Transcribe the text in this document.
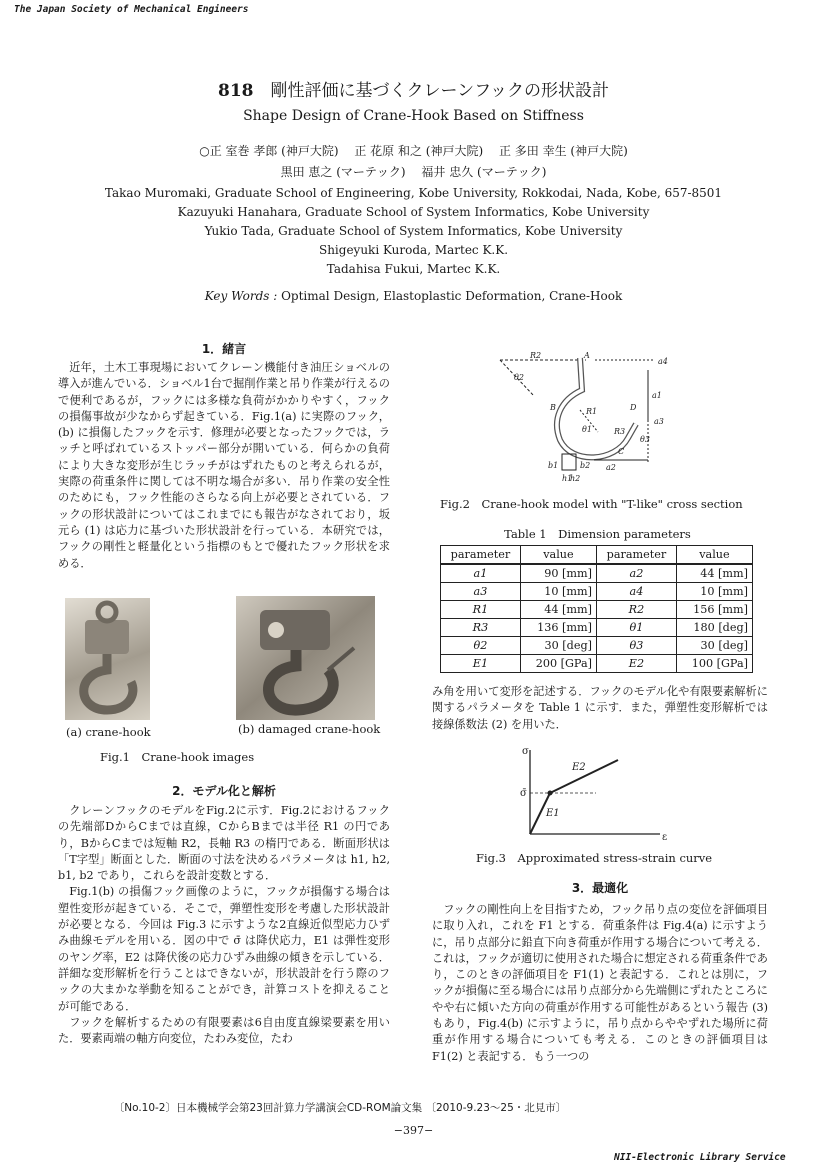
The Japan Society of Mechanical Engineers
818　 剛性評価に基づくクレーンフックの形状設計
Shape Design of Crane-Hook Based on Stiffness
○正 室巻 孝郎 (神戸大院)　 正 花原 和之 (神戸大院)　 正 多田 幸生 (神戸大院)
黒田 恵之 (マーテック)　 福井 忠久 (マーテック)
Takao Muromaki, Graduate School of Engineering, Kobe University, Rokkodai, Nada, Kobe, 657-8501
Kazuyuki Hanahara, Graduate School of System Informatics, Kobe University
Yukio Tada, Graduate School of System Informatics, Kobe University
Shigeyuki Kuroda, Martec K.K.
Tadahisa Fukui, Martec K.K.
Key Words : Optimal Design, Elastoplastic Deformation, Crane-Hook
1．緒言

近年，土木工事現場においてクレーン機能付き油圧ショベルの導入が進んでいる．ショベル1台で掘削作業と吊り作業が行えるので便利であるが，フックには多様な負荷がかかりやすく，フックの損傷事故が少なからず起きている．Fig.1(a) に実際のフック，(b) に損傷したフックを示す．修理が必要となったフックでは，ラッチと呼ばれているストッパー部分が開いている．何らかの負荷により大きな変形が生じラッチがはずれたものと考えられるが，実際の荷重条件に関しては不明な場合が多い．吊り作業の安全性のためにも，フック性能のさらなる向上が必要とされている．フックの形状設計についてはこれまでにも報告がなされており，坂元ら (1) は応力に基づいた形状設計を行っている．本研究では，フックの剛性と軽量化という指標のもとで優れたフック形状を求める．

(a) crane-hook	(b) damaged crane-hook
Fig.1　Crane-hook images
2．モデル化と解析

クレーンフックのモデルをFig.2に示す．Fig.2におけるフックの先端部DからCまでは直線，CからBまでは半径 R1 の円であり，BからCまでは短軸 R2，長軸 R3 の楕円である．断面形状は「T字型」断面とした．断面の寸法を決めるパラメータは h1, h2, b1, b2 であり，これらを設計変数とする．

Fig.1(b) の損傷フック画像のように，フックが損傷する場合は塑性変形が起きている．そこで，弾塑性変形を考慮した形状設計が必要となる．今回は Fig.3 に示すような2直線近似型応力ひずみ曲線モデルを用いる．図の中で σ̄ は降伏応力，E1 は弾性変形のヤング率，E2 は降伏後の応力ひずみ曲線の傾きを示している．詳細な変形解析を行うことはできないが，形状設計を行う際のフックの大まかな挙動を知ることができ，計算コストを抑えることが可能である．

フックを解析するための有限要素は6自由度直線梁要素を用いた．要素両端の軸方向変位，たわみ変位，たわ

R2	A
a4
θ2
a1
B	R1	D
θ1
a3
θ3
R3
C
b1	b2 a2
h1
h2
Fig.2　Crane-hook model with "T-like" cross section
Table 1　Dimension parameters
parameter	value	parameter	value
a1	90 [mm]	a2	44 [mm]
a3	10 [mm]	a4	10 [mm]
R1	44 [mm]	R2	156 [mm]
R3	136 [mm]	θ1	180 [deg]
θ2	30 [deg]	θ3	30 [deg]
E1	200 [GPa]	E2	100 [GPa]
み角を用いて変形を記述する．フックのモデル化や有限要素解析に関するパラメータを Table 1 に示す．また，弾塑性変形解析では接線係数法 (2) を用いた．
σ
σ̄
ε
E1
E2
Fig.3　Approximated stress-strain curve
3．最適化

フックの剛性向上を目指すため，フック吊り点の変位を評価項目に取り入れ，これを F1 とする．荷重条件は Fig.4(a) に示すように，吊り点部分に鉛直下向き荷重が作用する場合について考える．これは，フックが適切に使用された場合に想定される荷重条件であり，このときの評価項目を F1(1) と表記する．これとは別に，フックが損傷に至る場合には吊り点部分から先端側にずれたところにやや右に傾いた方向の荷重が作用する可能性があるという報告 (3) もあり，Fig.4(b) に示すように，吊り点からややずれた場所に荷重が作用する場合についても考える．このときの評価項目は F1(2) と表記する．もう一つの

〔No.10-2〕日本機械学会第23回計算力学講演会CD-ROM論文集 〔2010-9.23～25・北見市〕
−397−
NII-Electronic Library Service
